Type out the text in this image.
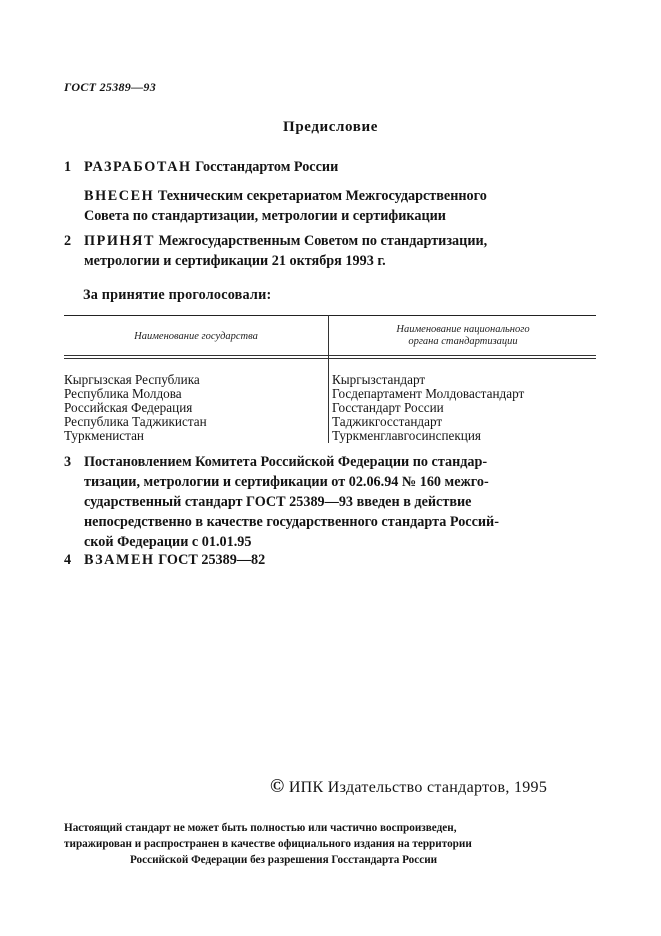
ГОСТ 25389—93
Предисловие
1 РАЗРАБОТАН Госстандартом России
ВНЕСЕН Техническим секретариатом Межгосударственного
Совета по стандартизации, метрологии и сертификации
2 ПРИНЯТ Межгосударственным Советом по стандартизации,
метрологии и сертификации 21 октября 1993 г.
За принятие проголосовали:
Наименование государства
Наименование национального
органа стандартизации
Кыргызская Республика
Республика Молдова
Российская Федерация
Республика Таджикистан
Туркменистан
Кыргызстандарт
Госдепартамент Молдовастандарт
Госстандарт России
Таджикгосстандарт
Туркменглавгосинспекция
3 Постановлением Комитета Российской Федерации по стандар-
тизации, метрологии и сертификации от 02.06.94 № 160 межго-
сударственный стандарт ГОСТ 25389—93 введен в действие
непосредственно в качестве государственного стандарта Россий-
ской Федерации с 01.01.95
4 ВЗАМЕН ГОСТ 25389—82
© ИПК Издательство стандартов, 1995
Настоящий стандарт не может быть полностью или частично воспроизведен,
тиражирован и распространен в качестве официального издания на территории
Российской Федерации без разрешения Госстандарта России
